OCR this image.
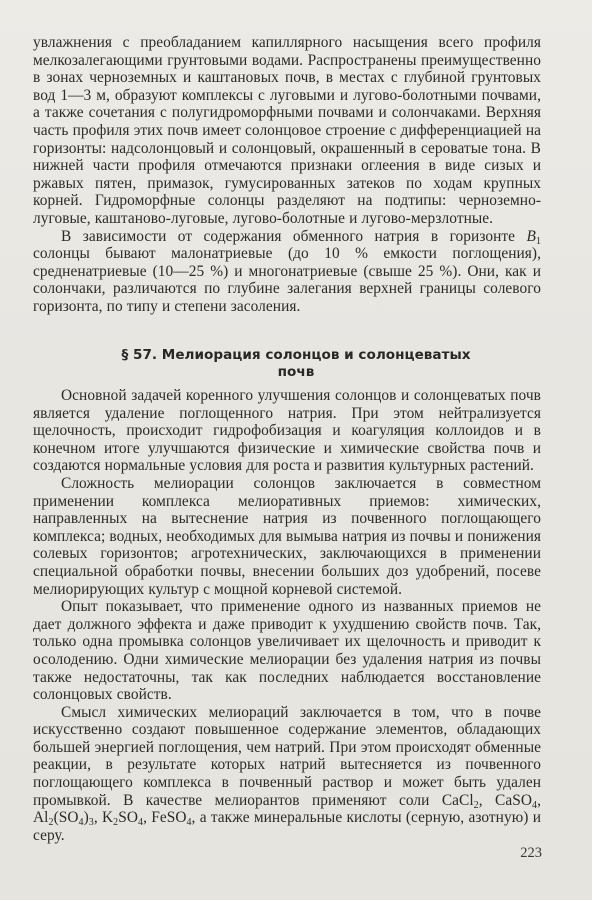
увлажнения с преобладанием капиллярного насыщения всего профиля мелкозалегающими грунтовыми водами. Распространены преимущественно в зонах черноземных и каштановых почв, в местах с глубиной грунтовых вод 1—3 м, образуют комплексы с луговыми и лугово-болотными почвами, а также сочетания с полугидроморфными почвами и солончаками. Верхняя часть профиля этих почв имеет солонцовое строение с дифференциацией на горизонты: надсолонцовый и солонцовый, окрашенный в сероватые тона. В нижней части профиля отмечаются признаки оглеения в виде сизых и ржавых пятен, примазок, гумусированных затеков по ходам крупных корней. Гидроморфные солонцы разделяют на подтипы: черноземно-луговые, каштаново-луговые, лугово-болотные и лугово-мерзлотные.

В зависимости от содержания обменного натрия в горизонте $B_1$ солонцы бывают малонатриевые (до 10 % емкости поглощения), средненатриевые (10—25 %) и многонатриевые (свыше 25 %). Они, как и солончаки, различаются по глубине залегания верхней границы солевого горизонта, по типу и степени засоления.

§ 57. Мелиорация солонцов и солонцеватых
почв

Основной задачей коренного улучшения солонцов и солонцеватых почв является удаление поглощенного натрия. При этом нейтрализуется щелочность, происходит гидрофобизация и коагуляция коллоидов и в конечном итоге улучшаются физические и химические свойства почв и создаются нормальные условия для роста и развития культурных растений.

Сложность мелиорации солонцов заключается в совместном применении комплекса мелиоративных приемов: химических, направленных на вытеснение натрия из почвенного поглощающего комплекса; водных, необходимых для вымыва натрия из почвы и понижения солевых горизонтов; агротехнических, заключающихся в применении специальной обработки почвы, внесении больших доз удобрений, посеве мелиорирующих культур с мощной корневой системой.

Опыт показывает, что применение одного из названных приемов не дает должного эффекта и даже приводит к ухудшению свойств почв. Так, только одна промывка солонцов увеличивает их щелочность и приводит к осолодению. Одни химические мелиорации без удаления натрия из почвы также недостаточны, так как последних наблюдается восстановление солонцовых свойств.

Смысл химических мелиораций заключается в том, что в почве искусственно создают повышенное содержание элементов, обладающих большей энергией поглощения, чем натрий. При этом происходят обменные реакции, в результате которых натрий вытесняется из почвенного поглощающего комплекса в почвенный раствор и может быть удален промывкой. В качестве мелиорантов применяют соли CaCl$_2$, CaSO$_4$, $Al_2(SO_4)_3$, $K_2SO_4$, FeSO$_4$, а также минеральные кислоты (серную, азотную) и серу.

223
